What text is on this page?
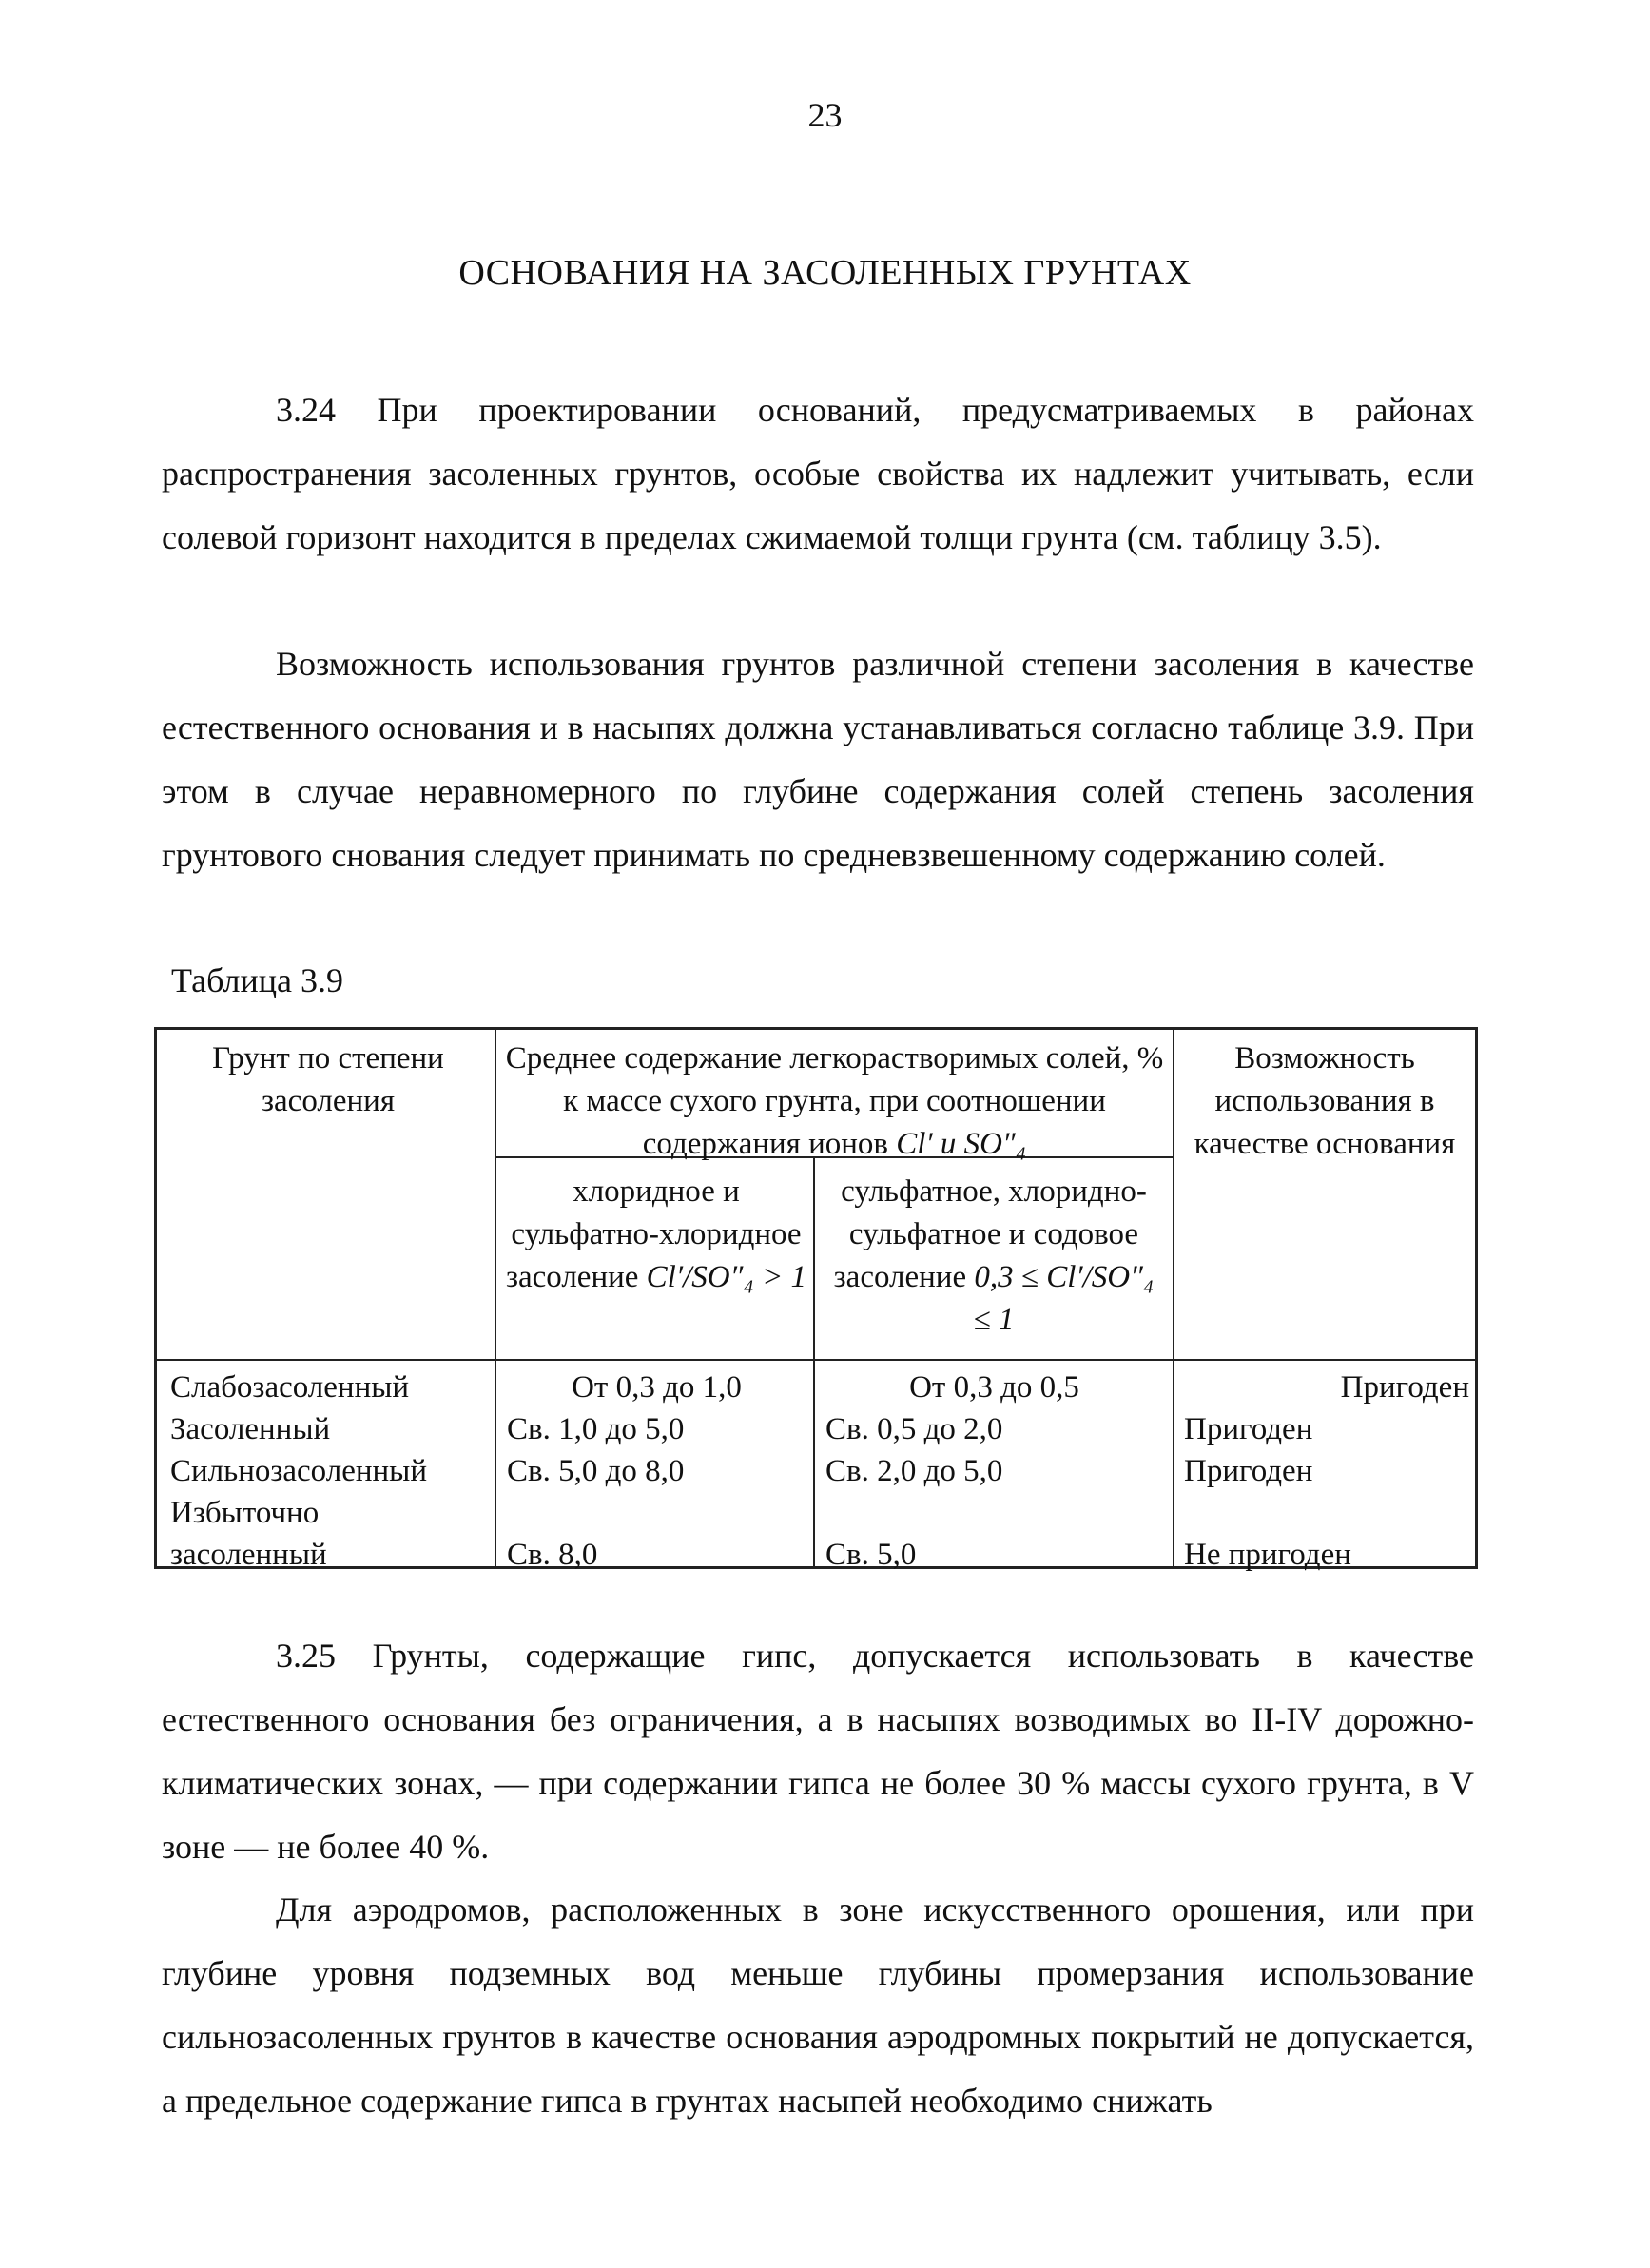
23
ОСНОВАНИЯ НА ЗАСОЛЕННЫХ ГРУНТАХ

3.24 При проектировании оснований, предусматриваемых в районах распространения засоленных грунтов, особые свойства их надлежит учитывать, если солевой горизонт находится в пределах сжимаемой толщи грунта (см. таблицу 3.5).

Возможность использования грунтов различной степени засоления в качестве естественного основания и в насыпях должна устанавливаться согласно таблице 3.9. При этом в случае неравномерного по глубине содержания солей степень засоления грунтового снования следует принимать по средневзвешенному содержанию солей.

Таблица 3.9
Грунт по степени засоления
Среднее содержание легкорастворимых солей, % к массе сухого грунта, при соотношении содержания ионов Cl′ и SO″₄
Возможность использования в качестве основания
хлоридное и сульфатно-хлоридное засоление Cl′/SO″₄ > 1
сульфатное, хлоридно-сульфатное и содовое засоление 0,3 ≤ Cl′/SO″₄ ≤ 1
Слабозасоленный
Засоленный
Сильнозасоленный
Избыточно засоленный
От 0,3 до 1,0
Св. 1,0 до 5,0
Св. 5,0 до 8,0
Св. 8,0
От 0,3 до 0,5
Св. 0,5 до 2,0
Св. 2,0 до 5,0
Св. 5,0
Пригоден
Пригоден
Пригоден
Не пригоден

3.25 Грунты, содержащие гипс, допускается использовать в качестве естественного основания без ограничения, а в насыпях возводимых во II-IV дорожно-климатических зонах, — при содержании гипса не более 30 % массы сухого грунта, в V зоне — не более 40 %.

Для аэродромов, расположенных в зоне искусственного орошения, или при глубине уровня подземных вод меньше глубины промерзания использование сильнозасоленных грунтов в качестве основания аэродромных покрытий не допускается, а предельное содержание гипса в грунтах насыпей необходимо снижать
